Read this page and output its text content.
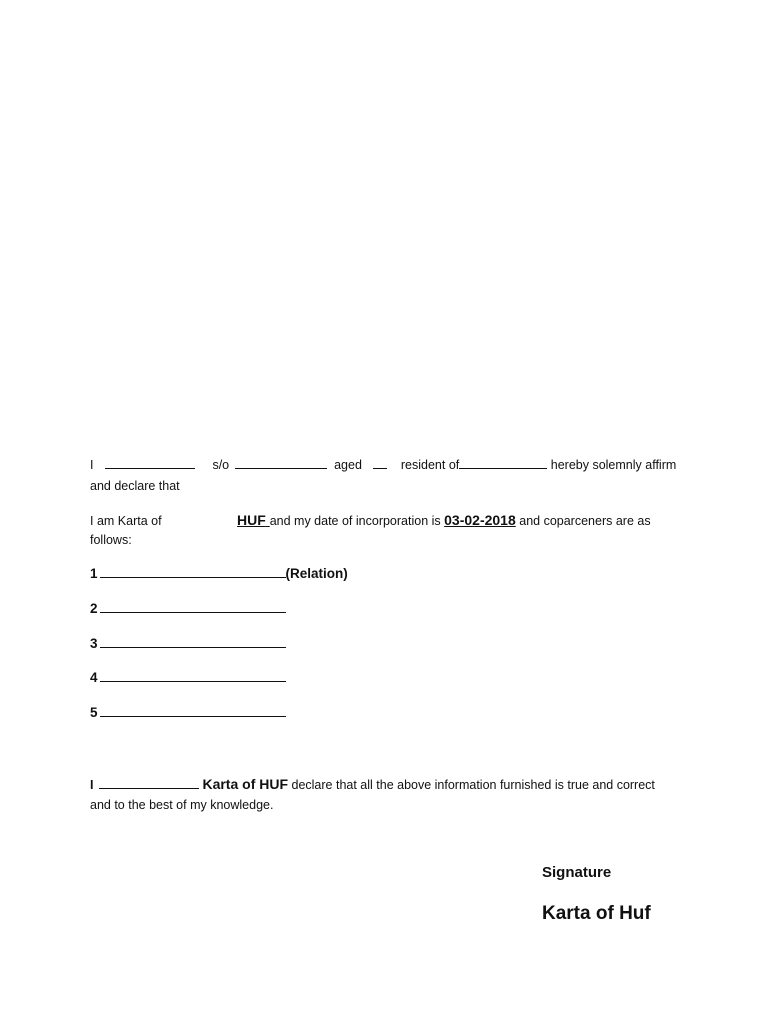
I	s/o	aged	resident of	hereby solemnly affirm
and declare that
I am Karta of	HUF and my date of incorporation is 03-02-2018 and coparceners are as
follows:
1	(Relation)
2
3
4
5
I	Karta of HUF declare that all the above information furnished is true and correct
and to the best of my knowledge.
Signature
Karta of Huf
